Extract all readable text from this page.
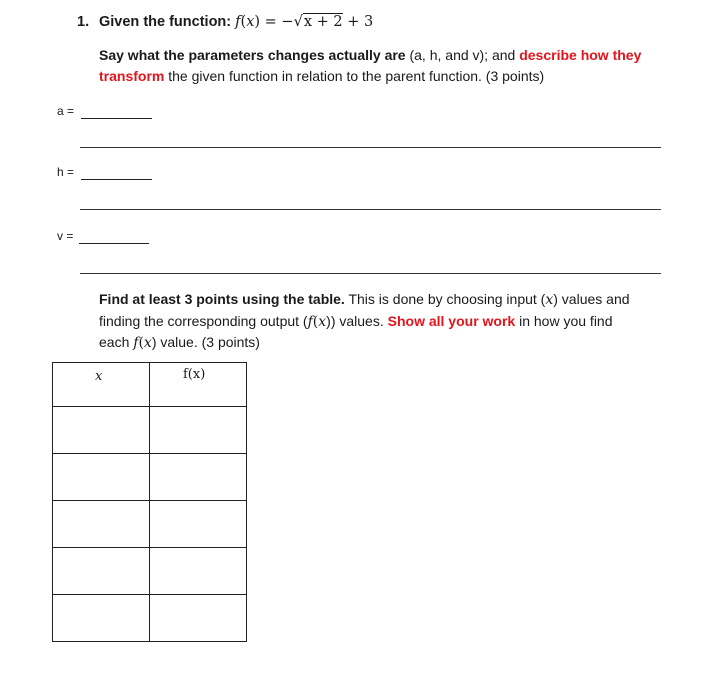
1. Given the function: f(x) = −√x + 2 + 3
Say what the parameters changes actually are (a, h, and v); and describe how they
transform the given function in relation to the parent function. (3 points)
a =
h =
v =
Find at least 3 points using the table. This is done by choosing input (x) values and
finding the corresponding output (f(x)) values. Show all your work in how you find
each f(x) value. (3 points)
x	f(x)
